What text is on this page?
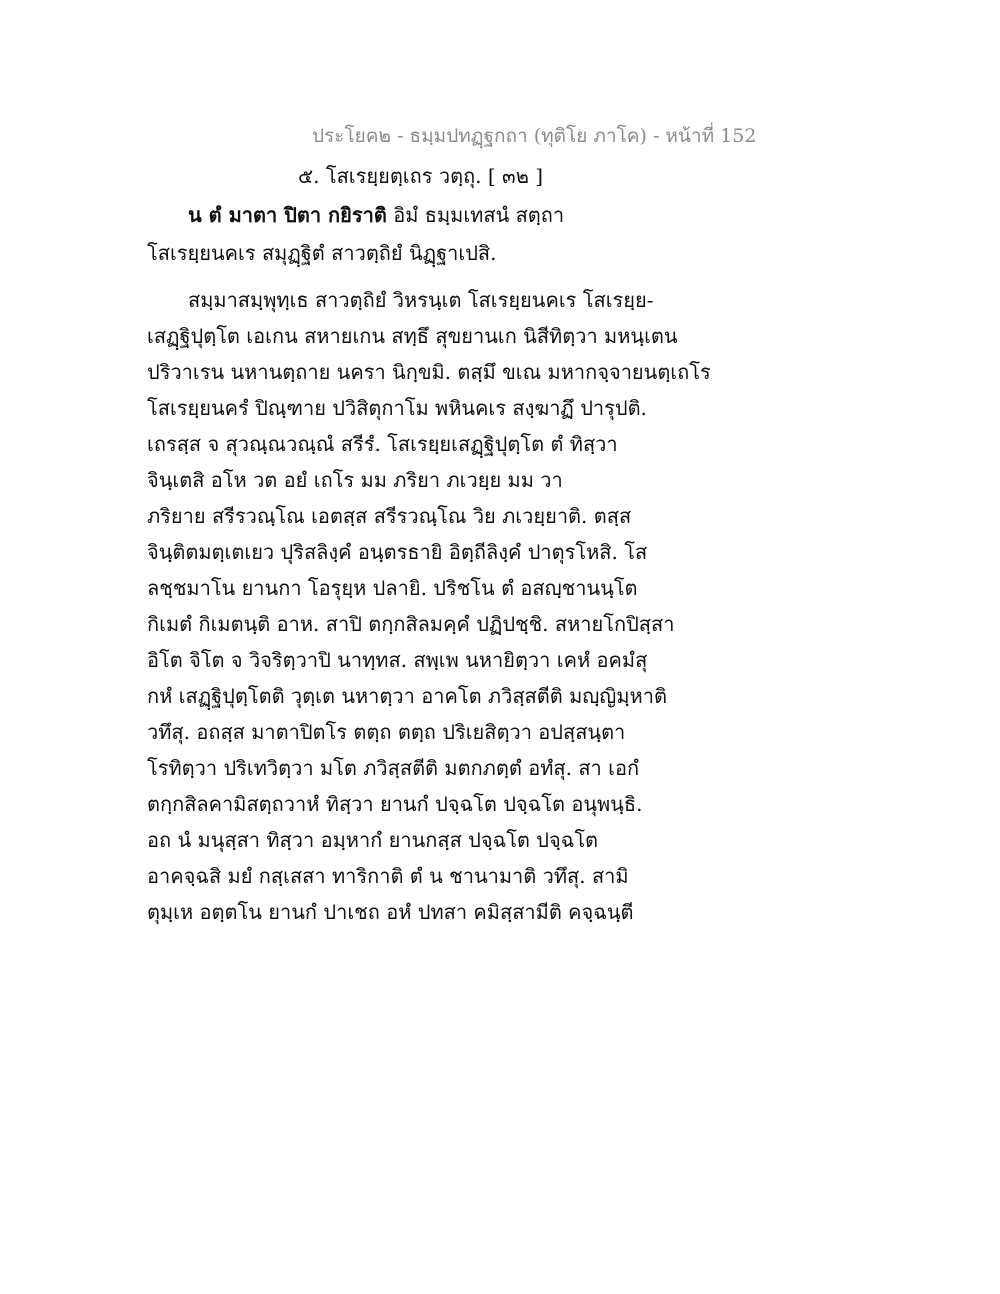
ประโยค๒ - ธมฺมปทฏฺฐกถา (ทุติโย ภาโค) - หน้าที่ 152
๕. โสเรยฺยตฺเถร วตฺถุ. [ ๓๒ ]
น ตํ มาตา ปิตา กยิราติ อิมํ ธมฺมเทสนํ สตฺถา
โสเรยฺยนคเร สมุฏฺฐิตํ สาวตฺถิยํ นิฏฺฐาเปสิ.
สมฺมาสมฺพุทฺเธ สาวตฺถิยํ วิหรนฺเต โสเรยฺยนคเร โสเรยฺย-
เสฏฺฐิปุตฺโต เอเกน สหายเกน สทฺธึ สุขยานเก นิสีทิตฺวา มหนฺเตน
ปริวาเรน นหานตฺถาย นครา นิกฺขมิ. ตสฺมึ ขเณ มหากจฺจายนตฺเถโร
โสเรยฺยนครํ ปิณฺฑาย ปวิสิตุกาโม พหินคเร สงฺฆาฏึ ปารุปติ.
เถรสฺส จ สุวณฺณวณฺณํ สรีรํ. โสเรยฺยเสฏฺฐิปุตฺโต ตํ ทิสฺวา
จินฺเตสิ อโห วต อยํ เถโร มม ภริยา ภเวยฺย มม วา
ภริยาย สรีรวณฺโณ เอตสฺส สรีรวณฺโณ วิย ภเวยฺยาติ. ตสฺส
จินฺติตมตฺเตเยว ปุริสลิงฺคํ อนฺตรธายิ อิตฺถีลิงฺคํ ปาตุรโหสิ. โส
ลชฺชมาโน ยานกา โอรุยฺห ปลายิ. ปริชโน ตํ อสญฺชานนฺโต
กิเมตํ กิเมตนฺติ อาห. สาปิ ตกฺกสิลมคฺคํ ปฏิปชฺชิ. สหายโกปิสฺสา
อิโต จิโต จ วิจริตฺวาปิ นาทฺทส. สพฺเพ นหายิตฺวา เคหํ อคมํสุ
กหํ เสฏฺฐิปุตฺโตติ วุตฺเต นหาตฺวา อาคโต ภวิสฺสตีติ มญฺญิมฺหาติ
วทึสุ. อถสฺส มาตาปิตโร ตตฺถ ตตฺถ ปริเยสิตฺวา อปสฺสนฺตา
โรทิตฺวา ปริเทวิตฺวา มโต ภวิสฺสตีติ มตกภตฺตํ อทํสุ. สา เอกํ
ตกฺกสิลคามิสตฺถวาหํ ทิสฺวา ยานกํ ปจฺฉโต ปจฺฉโต อนุพนฺธิ.
อถ นํ มนุสฺสา ทิสฺวา อมฺหากํ ยานกสฺส ปจฺฉโต ปจฺฉโต
อาคจฺฉสิ มยํ กสฺเสสา ทาริกาติ ตํ น ชานามาติ วทึสุ. สามิ
ตุมฺเห อตฺตโน ยานกํ ปาเชถ อหํ ปทสา คมิสฺสามีติ คจฺฉนฺตี
